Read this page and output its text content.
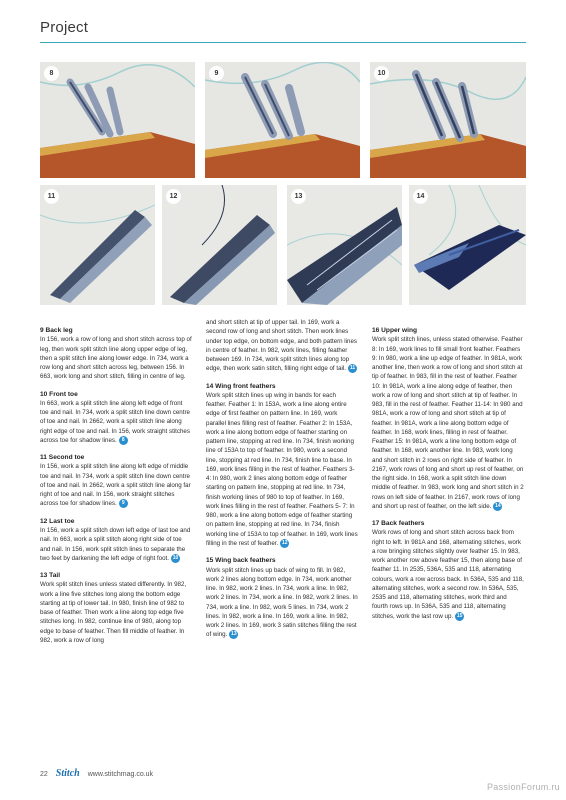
Project
8	9	10
11	12	13	14

9 Back leg
In 156, work a row of long and short stitch across top of leg, then work split stitch line along upper edge of leg, then a split stitch line along lower edge. In 734, work a row long and short stitch across leg, between 156. In 663, work long and short stitch, filling in centre of leg.

10 Front toe
In 663, work a split stitch line along left edge of front toe and nail. In 734, work a split stitch line down centre of toe and nail. In 2662, work a split stitch line along right edge of toe and nail. In 156, work straight stitches across toe for shadow lines. 8

11 Second toe
In 156, work a split stitch line along left edge of middle toe and nail. In 734, work a split stitch line down centre of toe and nail. In 2662, work a split stitch line along far right of toe and nail. In 156, work straight stitches across toe for shadow lines. 9

12 Last toe
In 156, work a split stitch down left edge of last toe and nail. In 663, work a split stitch along right side of toe and nail. In 156, work split stitch lines to separate the two feet by darkening the left edge of right foot. 10

13 Tail
Work split stitch lines unless stated differently. In 982, work a line five stitches long along the bottom edge starting at tip of lower tail. In 980, finish line of 982 to base of feather. Then work a line along top edge five stitches long. In 982, continue line of 980, along top edge to base of feather. Then fill middle of feather. In 982, work a row of long

and short stitch at tip of upper tail. In 169, work a second row of long and short stitch. Then work lines under top edge, on bottom edge, and both pattern lines in centre of feather. In 982, work lines, filling feather between 169. In 734, work split stitch lines along top edge, then work satin stitch, filling right edge of tail. 11

14 Wing front feathers
Work split stitch lines up wing in bands for each feather. Feather 1: In 153A, work a line along entire edge of first feather on pattern line. In 169, work parallel lines filling rest of feather. Feather 2: In 153A, work a line along bottom edge of feather starting on pattern line, stopping at red line. In 734, finish working line of 153A to top of feather. In 980, work a second line, stopping at red line. In 734, finish line to base. In 169, work lines filling in the rest of feather. Feathers 3-4: In 980, work 2 lines along bottom edge of feather starting on pattern line, stopping at red line. In 734, finish working lines of 980 to top of feather. In 169, work lines filling in the rest of feather. Feathers 5- 7: In 980, work a line along bottom edge of feather starting on pattern line, stopping at red line. In 734, finish working line of 153A to top of feather. In 169, work lines filling in the rest of feather. 12

15 Wing back feathers
Work split stitch lines up back of wing to fill. In 982, work 2 lines along bottom edge. In 734, work another line. In 982, work 2 lines. In 734, work a line. In 982, work 2 lines. In 734, work a line. In 982, work 2 lines. In 734, work a line. In 982, work 5 lines. In 734, work 2 lines. In 982, work a line. In 169, work a line. In 982, work 2 lines. In 169, work 3 satin stitches filling the rest of wing. 13

16 Upper wing
Work split stitch lines, unless stated otherwise. Feather 8: In 169, work lines to fill small front feather. Feathers 9: In 980, work a line up edge of feather. In 981A, work another line, then work a row of long and short stitch at tip of feather. In 983, fill in the rest of feather. Feather 10: In 981A, work a line along edge of feather, then work a row of long and short stitch at tip of feather. In 983, fill in the rest of feather. Feather 11-14: In 980 and 981A, work a row of long and short stitch at tip of feather. In 981A, work a line along bottom edge of feather. In 168, work lines, filling in rest of feather. Feather 15: In 981A, work a line long bottom edge of feather. In 168, work another line. In 983, work long and short stitch in 2 rows on right side of feather. In 2167, work rows of long and short up rest of feather, on the right side. In 168, work a split stitch line down middle of feather. In 983, work long and short stitch in 2 rows on left side of feather. In 2167, work rows of long and short up rest of feather, on the left side. 14

17 Back feathers
Work rows of long and short stitch across back from right to left. In 981A and 168, alternating stitches, work a row bringing stitches slightly over feather 15. In 983, work another row above feather 15, then along base of feather 11. In 2535, 536A, 535 and 118, alternating colours, work a row across back. In 536A, 535 and 118, alternating stitches, work a second row. In 536A, 535, 2535 and 118, alternating stitches, work third and fourth rows up. In 536A, 535 and 118, alternating stitches, work the last row up. 15

22 Stitch www.stitchmag.co.uk
PassionForum.ru
